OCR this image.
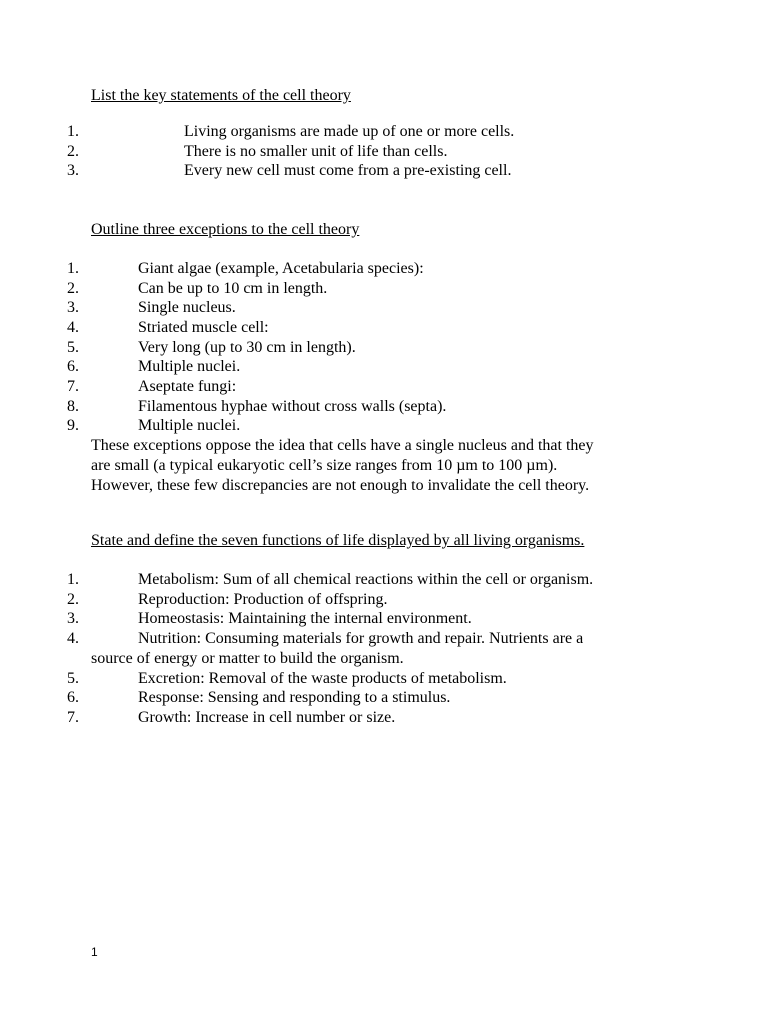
List the key statements of the cell theory
1.	Living organisms are made up of one or more cells.
2.	There is no smaller unit of life than cells.
3.	Every new cell must come from a pre-existing cell.
Outline three exceptions to the cell theory
1.	Giant algae (example, Acetabularia species):
2.	Can be up to 10 cm in length.
3.	Single nucleus.
4.	Striated muscle cell:
5.	Very long (up to 30 cm in length).
6.	Multiple nuclei.
7.	Aseptate fungi:
8.	Filamentous hyphae without cross walls (septa).
9.	Multiple nuclei.
These exceptions oppose the idea that cells have a single nucleus and that they
are small (a typical eukaryotic cell’s size ranges from 10 µm to 100 µm).
However, these few discrepancies are not enough to invalidate the cell theory.
State and define the seven functions of life displayed by all living organisms.
1.	Metabolism: Sum of all chemical reactions within the cell or organism.
2.	Reproduction: Production of offspring.
3.	Homeostasis: Maintaining the internal environment.
4.	Nutrition: Consuming materials for growth and repair. Nutrients are a
source of energy or matter to build the organism.
5.	Excretion: Removal of the waste products of metabolism.
6.	Response: Sensing and responding to a stimulus.
7.	Growth: Increase in cell number or size.
1
